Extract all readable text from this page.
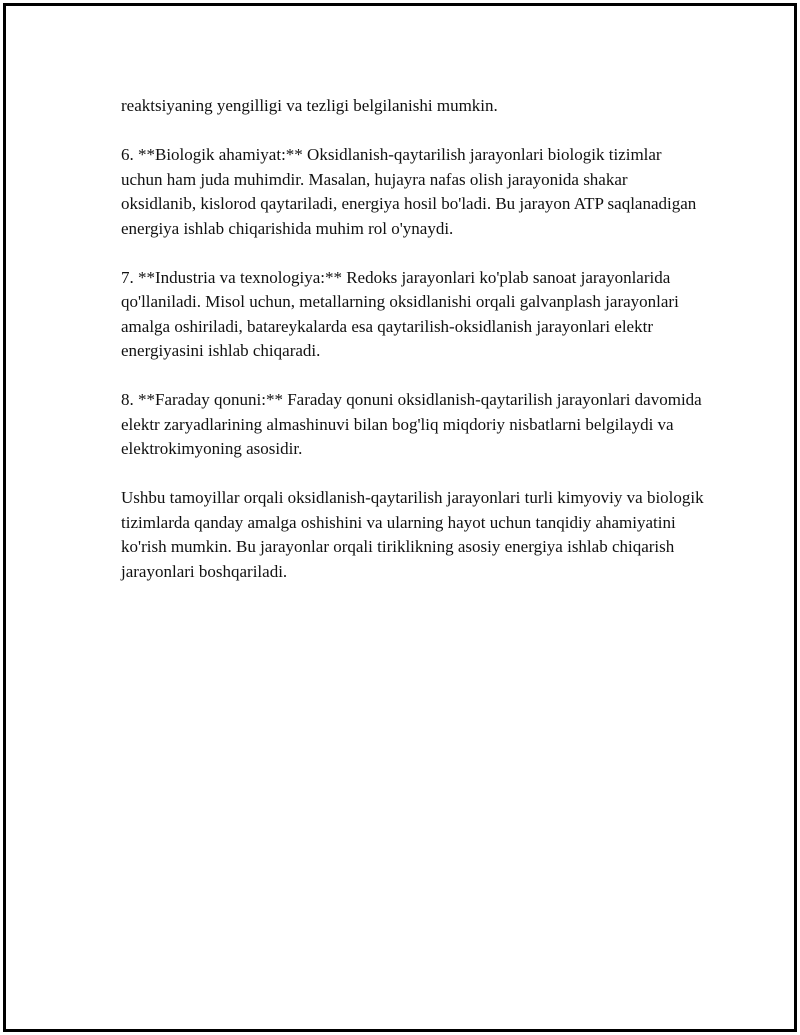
reaktsiyaning yengilligi va tezligi belgilanishi mumkin.

6. **Biologik ahamiyat:** Oksidlanish-qaytarilish jarayonlari biologik tizimlar uchun ham juda muhimdir. Masalan, hujayra nafas olish jarayonida shakar oksidlanib, kislorod qaytariladi, energiya hosil bo'ladi. Bu jarayon ATP saqlanadigan energiya ishlab chiqarishida muhim rol o'ynaydi.

7. **Industria va texnologiya:** Redoks jarayonlari ko'plab sanoat jarayonlarida qo'llaniladi. Misol uchun, metallarning oksidlanishi orqali galvanplash jarayonlari amalga oshiriladi, batareykalarda esa qaytarilish-oksidlanish jarayonlari elektr energiyasini ishlab chiqaradi.

8. **Faraday qonuni:** Faraday qonuni oksidlanish-qaytarilish jarayonlari davomida elektr zaryadlarining almashinuvi bilan bog'liq miqdoriy nisbatlarni belgilaydi va elektrokimyoning asosidir.

Ushbu tamoyillar orqali oksidlanish-qaytarilish jarayonlari turli kimyoviy va biologik tizimlarda qanday amalga oshishini va ularning hayot uchun tanqidiy ahamiyatini ko'rish mumkin. Bu jarayonlar orqali tiriklikning asosiy energiya ishlab chiqarish jarayonlari boshqariladi.
